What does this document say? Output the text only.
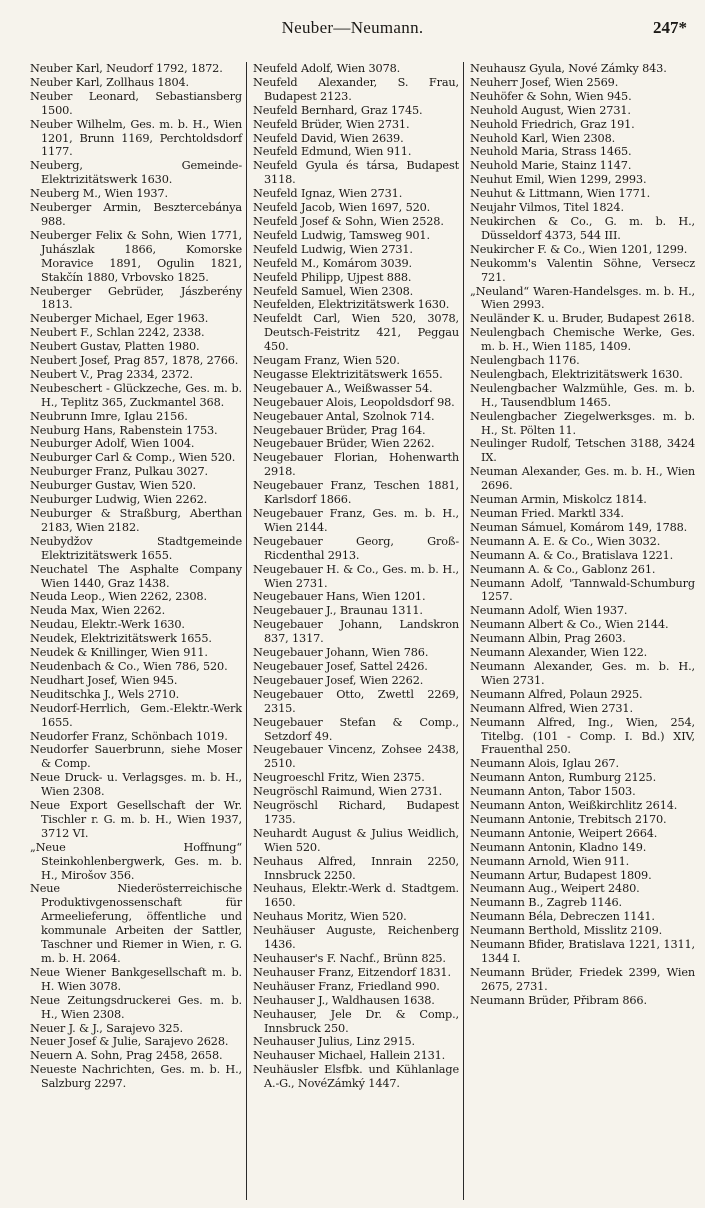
Neuber—Neumann.	247*

Neuber Karl, Neudorf 1792, 1872.

Neuber Karl, Zollhaus 1804.

Neuber Leonard, Sebastiansberg 1500.

Neuber Wilhelm, Ges. m. b. H., Wien 1201, Brunn 1169, Perchtoldsdorf 1177.

Neuberg, Gemeinde-Elektrizitätswerk 1630.

Neuberg M., Wien 1937.

Neuberger Armin, Besztercebánya 988.

Neuberger Felix & Sohn, Wien 1771, Juhászlak 1866, Komorske Moravice 1891, Ogulin 1821, Stakčín 1880, Vrbovsko 1825.

Neuberger Gebrüder, Jászberény 1813.

Neuberger Michael, Eger 1963.

Neubert F., Schlan 2242, 2338.

Neubert Gustav, Platten 1980.

Neubert Josef, Prag 857, 1878, 2766.

Neubert V., Prag 2334, 2372.

Neubeschert - Glückzeche, Ges. m. b. H., Teplitz 365, Zuckmantel 368.

Neubrunn Imre, Iglau 2156.

Neuburg Hans, Rabenstein 1753.

Neuburger Adolf, Wien 1004.

Neuburger Carl & Comp., Wien 520.

Neuburger Franz, Pulkau 3027.

Neuburger Gustav, Wien 520.

Neuburger Ludwig, Wien 2262.

Neuburger & Straßburg, Aberthan 2183, Wien 2182.

Neubydžov Stadtgemeinde Elektrizitätswerk 1655.

Neuchatel The Asphalte Company Wien 1440, Graz 1438.

Neuda Leop., Wien 2262, 2308.

Neuda Max, Wien 2262.

Neudau, Elektr.-Werk 1630.

Neudek, Elektrizitätswerk 1655.

Neudek & Knillinger, Wien 911.

Neudenbach & Co., Wien 786, 520.

Neudhart Josef, Wien 945.

Neuditschka J., Wels 2710.

Neudorf-Herrlich, Gem.-Elektr.-Werk 1655.

Neudorfer Franz, Schönbach 1019.

Neudorfer Sauerbrunn, siehe Moser & Comp.

Neue Druck- u. Verlagsges. m. b. H., Wien 2308.

Neue Export Gesellschaft der Wr. Tischler r. G. m. b. H., Wien 1937, 3712 VI.

„Neue Hoffnung“ Steinkohlenbergwerk, Ges. m. b. H., Mirošov 356.

Neue Niederösterreichische Produktivgenossenschaft für Armeelieferung, öffentliche und kommunale Arbeiten der Sattler, Taschner und Riemer in Wien, r. G. m. b. H. 2064.

Neue Wiener Bankgesellschaft m. b. H. Wien 3078.

Neue Zeitungsdruckerei Ges. m. b. H., Wien 2308.

Neuer J. & J., Sarajevo 325.

Neuer Josef & Julie, Sarajevo 2628.

Neuern A. Sohn, Prag 2458, 2658.

Neueste Nachrichten, Ges. m. b. H., Salzburg 2297.

Neufeld Adolf, Wien 3078.

Neufeld Alexander, S. Frau, Budapest 2123.

Neufeld Bernhard, Graz 1745.

Neufeld Brüder, Wien 2731.

Neufeld David, Wien 2639.

Neufeld Edmund, Wien 911.

Neufeld Gyula és társa, Budapest 3118.

Neufeld Ignaz, Wien 2731.

Neufeld Jacob, Wien 1697, 520.

Neufeld Josef & Sohn, Wien 2528.

Neufeld Ludwig, Tamsweg 901.

Neufeld Ludwig, Wien 2731.

Neufeld M., Komárom 3039.

Neufeld Philipp, Ujpest 888.

Neufeld Samuel, Wien 2308.

Neufelden, Elektrizitätswerk 1630.

Neufeldt Carl, Wien 520, 3078, Deutsch-Feistritz 421, Peggau 450.

Neugam Franz, Wien 520.

Neugasse Elektrizitätswerk 1655.

Neugebauer A., Weißwasser 54.

Neugebauer Alois, Leopoldsdorf 98.

Neugebauer Antal, Szolnok 714.

Neugebauer Brüder, Prag 164.

Neugebauer Brüder, Wien 2262.

Neugebauer Florian, Hohenwarth 2918.

Neugebauer Franz, Teschen 1881, Karlsdorf 1866.

Neugebauer Franz, Ges. m. b. H., Wien 2144.

Neugebauer Georg, Groß-Ricdenthal 2913.

Neugebauer H. & Co., Ges. m. b. H., Wien 2731.

Neugebauer Hans, Wien 1201.

Neugebauer J., Braunau 1311.

Neugebauer Johann, Landskron 837, 1317.

Neugebauer Johann, Wien 786.

Neugebauer Josef, Sattel 2426.

Neugebauer Josef, Wien 2262.

Neugebauer Otto, Zwettl 2269, 2315.

Neugebauer Stefan & Comp., Setzdorf 49.

Neugebauer Vincenz, Zohsee 2438, 2510.

Neugroeschl Fritz, Wien 2375.

Neugröschl Raimund, Wien 2731.

Neugröschl Richard, Budapest 1735.

Neuhardt August & Julius Weidlich, Wien 520.

Neuhaus Alfred, Innrain 2250, Innsbruck 2250.

Neuhaus, Elektr.-Werk d. Stadtgem. 1650.

Neuhaus Moritz, Wien 520.

Neuhäuser Auguste, Reichenberg 1436.

Neuhauser's F. Nachf., Brünn 825.

Neuhauser Franz, Eitzendorf 1831.

Neuhäuser Franz, Friedland 990.

Neuhauser J., Waldhausen 1638.

Neuhauser, Jele Dr. & Comp., Innsbruck 250.

Neuhauser Julius, Linz 2915.

Neuhauser Michael, Hallein 2131.

Neuhäusler Elsfbk. und Kühlanlage A.-G., NovéZámký 1447.

Neuhausz Gyula, Nové Zámky 843.

Neuherr Josef, Wien 2569.

Neuhöfer & Sohn, Wien 945.

Neuhold August, Wien 2731.

Neuhold Friedrich, Graz 191.

Neuhold Karl, Wien 2308.

Neuhold Maria, Strass 1465.

Neuhold Marie, Stainz 1147.

Neuhut Emil, Wien 1299, 2993.

Neuhut & Littmann, Wien 1771.

Neujahr Vilmos, Titel 1824.

Neukirchen & Co., G. m. b. H., Düsseldorf 4373, 544 III.

Neukircher F. & Co., Wien 1201, 1299.

Neukomm's Valentin Söhne, Versecz 721.

„Neuland“ Waren-Handelsges. m. b. H., Wien 2993.

Neuländer K. u. Bruder, Budapest 2618.

Neulengbach Chemische Werke, Ges. m. b. H., Wien 1185, 1409.

Neulengbach 1176.

Neulengbach, Elektrizitätswerk 1630.

Neulengbacher Walzmühle, Ges. m. b. H., Tausendblum 1465.

Neulengbacher Ziegelwerksges. m. b. H., St. Pölten 11.

Neulinger Rudolf, Tetschen 3188, 3424 IX.

Neuman Alexander, Ges. m. b. H., Wien 2696.

Neuman Armin, Miskolcz 1814.

Neuman Fried. Marktl 334.

Neuman Sámuel, Komárom 149, 1788.

Neumann A. E. & Co., Wien 3032.

Neumann A. & Co., Bratislava 1221.

Neumann A. & Co., Gablonz 261.

Neumann Adolf, 'Tannwald-Schumburg 1257.

Neumann Adolf, Wien 1937.

Neumann Albert & Co., Wien 2144.

Neumann Albin, Prag 2603.

Neumann Alexander, Wien 122.

Neumann Alexander, Ges. m. b. H., Wien 2731.

Neumann Alfred, Polaun 2925.

Neumann Alfred, Wien 2731.

Neumann Alfred, Ing., Wien, 254, Titelbg. (101 - Comp. I. Bd.) XIV, Frauenthal 250.

Neumann Alois, Iglau 267.

Neumann Anton, Rumburg 2125.

Neumann Anton, Tabor 1503.

Neumann Anton, Weißkirchlitz 2614.

Neumann Antonie, Trebitsch 2170.

Neumann Antonie, Weipert 2664.

Neumann Antonin, Kladno 149.

Neumann Arnold, Wien 911.

Neumann Artur, Budapest 1809.

Neumann Aug., Weipert 2480.

Neumann B., Zagreb 1146.

Neumann Béla, Debreczen 1141.

Neumann Berthold, Misslitz 2109.

Neumann Bfider, Bratislava 1221, 1311, 1344 I.

Neumann Brüder, Friedek 2399, Wien 2675, 2731.

Neumann Brüder, Přibram 866.
